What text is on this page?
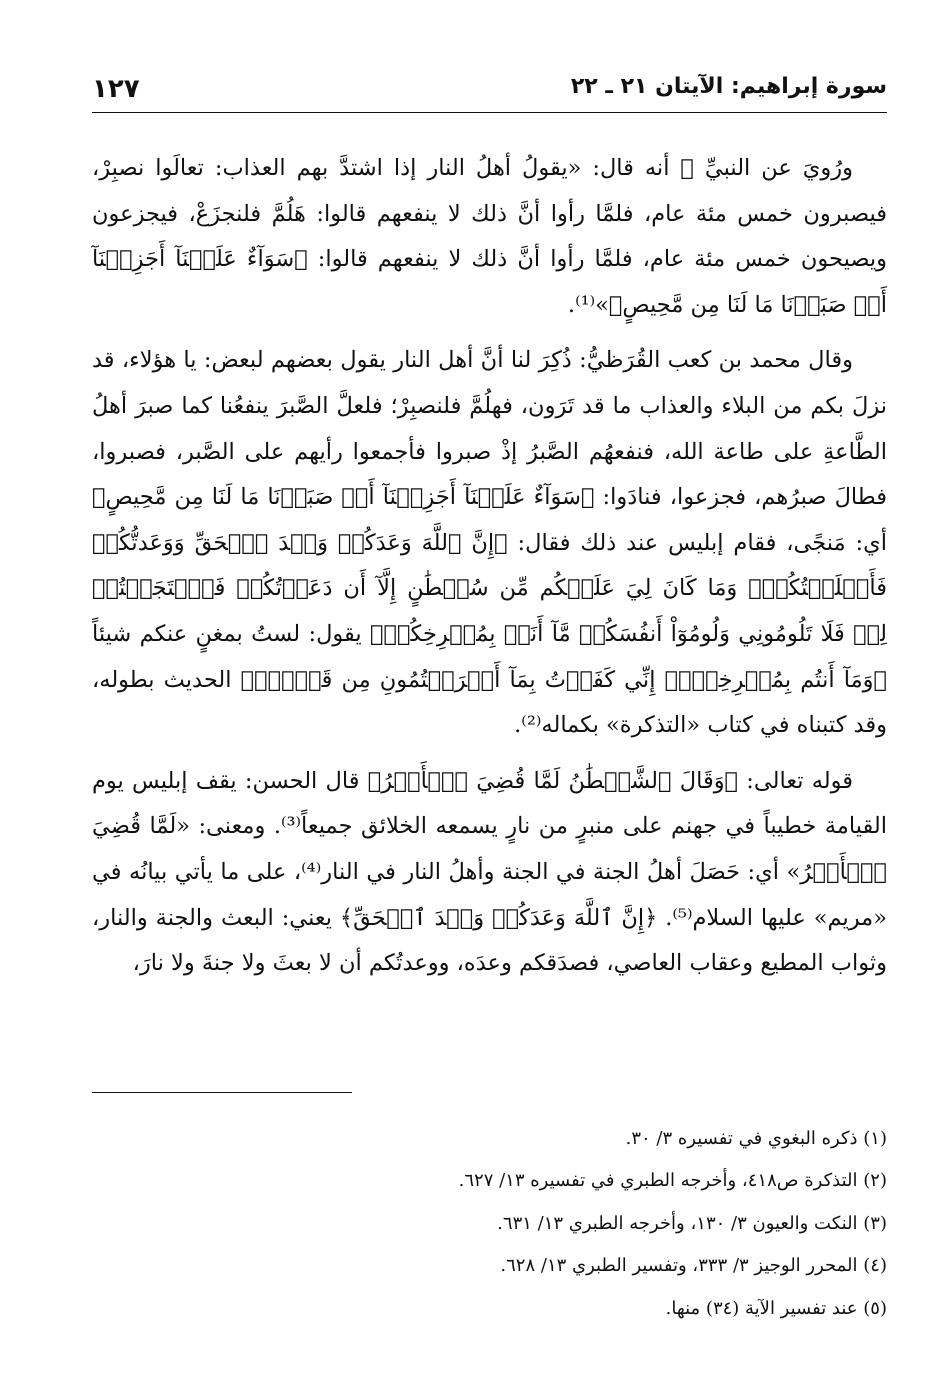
١٢٧	سورة إبراهيم: الآيتان ٢١ ـ ٢٢

ورُويَ عن النبيِّ ﷺ أنه قال: «يقولُ أهلُ النار إذا اشتدَّ بهم العذاب: تعالَوا نصبِرْ، فيصبرون خمس مئة عام، فلمَّا رأوا أنَّ ذلك لا ينفعهم قالوا: هَلُمَّ فلنجزَعْ، فيجزعون ويصيحون خمس مئة عام، فلمَّا رأوا أنَّ ذلك لا ينفعهم قالوا: ﴿سَوَآءٌ عَلَيۡنَآ أَجَزِعۡنَآ أَمۡ صَبَرۡنَا مَا لَنَا مِن مَّحِيصٍ﴾»⁽¹⁾.

وقال محمد بن كعب القُرَظيُّ: ذُكِرَ لنا أنَّ أهل النار يقول بعضهم لبعض: يا هؤلاء، قد نزلَ بكم من البلاء والعذاب ما قد تَرَون، فهلُمَّ فلنصبِرْ؛ فلعلَّ الصَّبرَ ينفعُنا كما صبرَ أهلُ الطَّاعةِ على طاعة الله، فنفعهُم الصَّبرُ إذْ صبروا فأجمعوا رأيهم على الصَّبر، فصبروا، فطالَ صبرُهم، فجزعوا، فنادَوا: ﴿سَوَآءٌ عَلَيۡنَآ أَجَزِعۡنَآ أَمۡ صَبَرۡنَا مَا لَنَا مِن مَّحِيصٍ﴾ أي: مَنجًى، فقام إبليس عند ذلك فقال: ﴿إِنَّ ٱللَّهَ وَعَدَكُمۡ وَعۡدَ ٱلۡحَقِّ وَوَعَدتُّكُمۡ فَأَخۡلَفۡتُكُمۡۖ وَمَا كَانَ لِيَ عَلَيۡكُم مِّن سُلۡطَٰنٍ إِلَّآ أَن دَعَوۡتُكُمۡ فَٱسۡتَجَبۡتُمۡ لِيۖ فَلَا تَلُومُونِي وَلُومُوٓاْ أَنفُسَكُمۖ مَّآ أَنَا۠ بِمُصۡرِخِكُمۡ﴾ يقول: لستُ بمغنٍ عنكم شيئاً ﴿وَمَآ أَنتُم بِمُصۡرِخِيَّۖ إِنِّي كَفَرۡتُ بِمَآ أَشۡرَكۡتُمُونِ مِن قَبۡلُۗ﴾ الحديث بطوله، وقد كتبناه في كتاب «التذكرة» بكماله⁽²⁾.

قوله تعالى: ﴿وَقَالَ ٱلشَّيۡطَٰنُ لَمَّا قُضِيَ ٱلۡأَمۡرُ﴾ قال الحسن: يقف إبليس يوم القيامة خطيباً في جهنم على منبرٍ من نارٍ يسمعه الخلائق جميعاً⁽³⁾. ومعنى: «لَمَّا قُضِيَ ٱلۡأَمۡرُ» أي: حَصَلَ أهلُ الجنة في الجنة وأهلُ النار في النار⁽⁴⁾، على ما يأتي بيانُه في «مريم» عليها السلام⁽⁵⁾. ﴿إِنَّ ٱللَّهَ وَعَدَكُمۡ وَعۡدَ ٱلۡحَقِّ﴾ يعني: البعث والجنة والنار، وثواب المطيع وعقاب العاصي، فصدَقكم وعدَه، ووعدتُكم أن لا بعثَ ولا جنةَ ولا نارَ،

(١) ذكره البغوي في تفسيره ٣/ ٣٠.
(٢) التذكرة ص٤١٨، وأخرجه الطبري في تفسيره ١٣/ ٦٢٧.
(٣) النكت والعيون ٣/ ١٣٠، وأخرجه الطبري ١٣/ ٦٣١.
(٤) المحرر الوجيز ٣/ ٣٣٣، وتفسير الطبري ١٣/ ٦٢٨.
(٥) عند تفسير الآية (٣٤) منها.
